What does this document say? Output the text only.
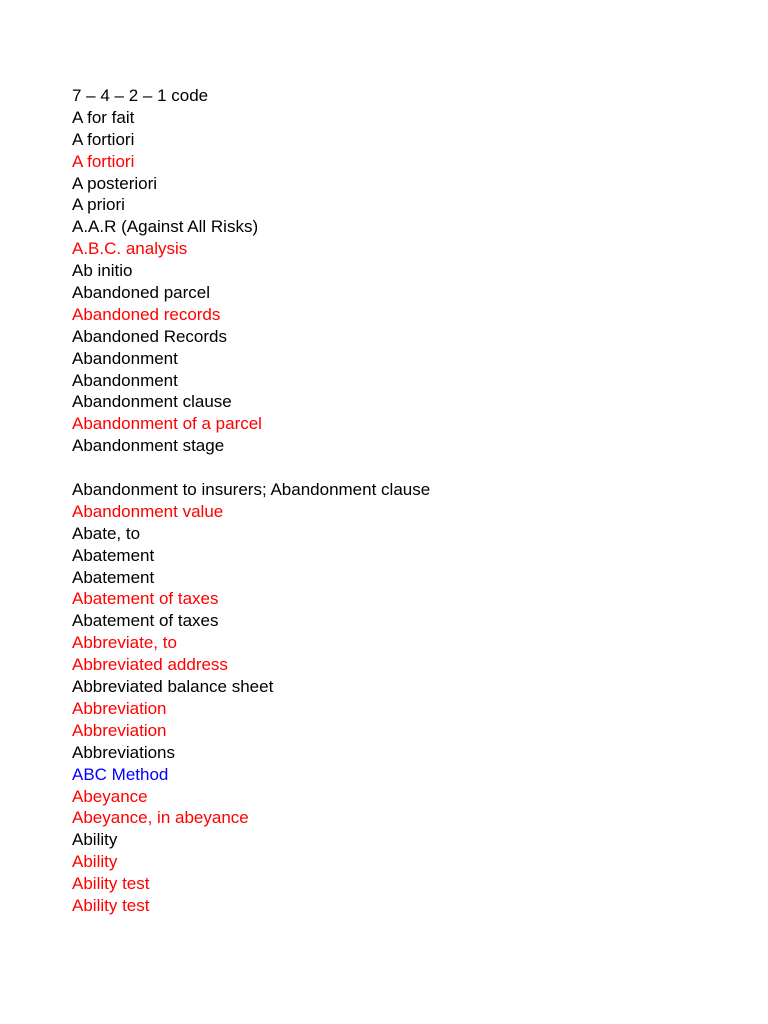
7 – 4 – 2 – 1 code
A for fait
A fortiori
A fortiori
A posteriori
A priori
A.A.R (Against All Risks)
A.B.C. analysis
Ab initio
Abandoned parcel
Abandoned records
Abandoned Records
Abandonment
Abandonment
Abandonment clause
Abandonment of a parcel
Abandonment stage
Abandonment to insurers; Abandonment clause
Abandonment value
Abate, to
Abatement
Abatement
Abatement of taxes
Abatement of taxes
Abbreviate, to
Abbreviated address
Abbreviated balance sheet
Abbreviation
Abbreviation
Abbreviations
ABC Method
Abeyance
Abeyance, in abeyance
Ability
Ability
Ability test
Ability test
